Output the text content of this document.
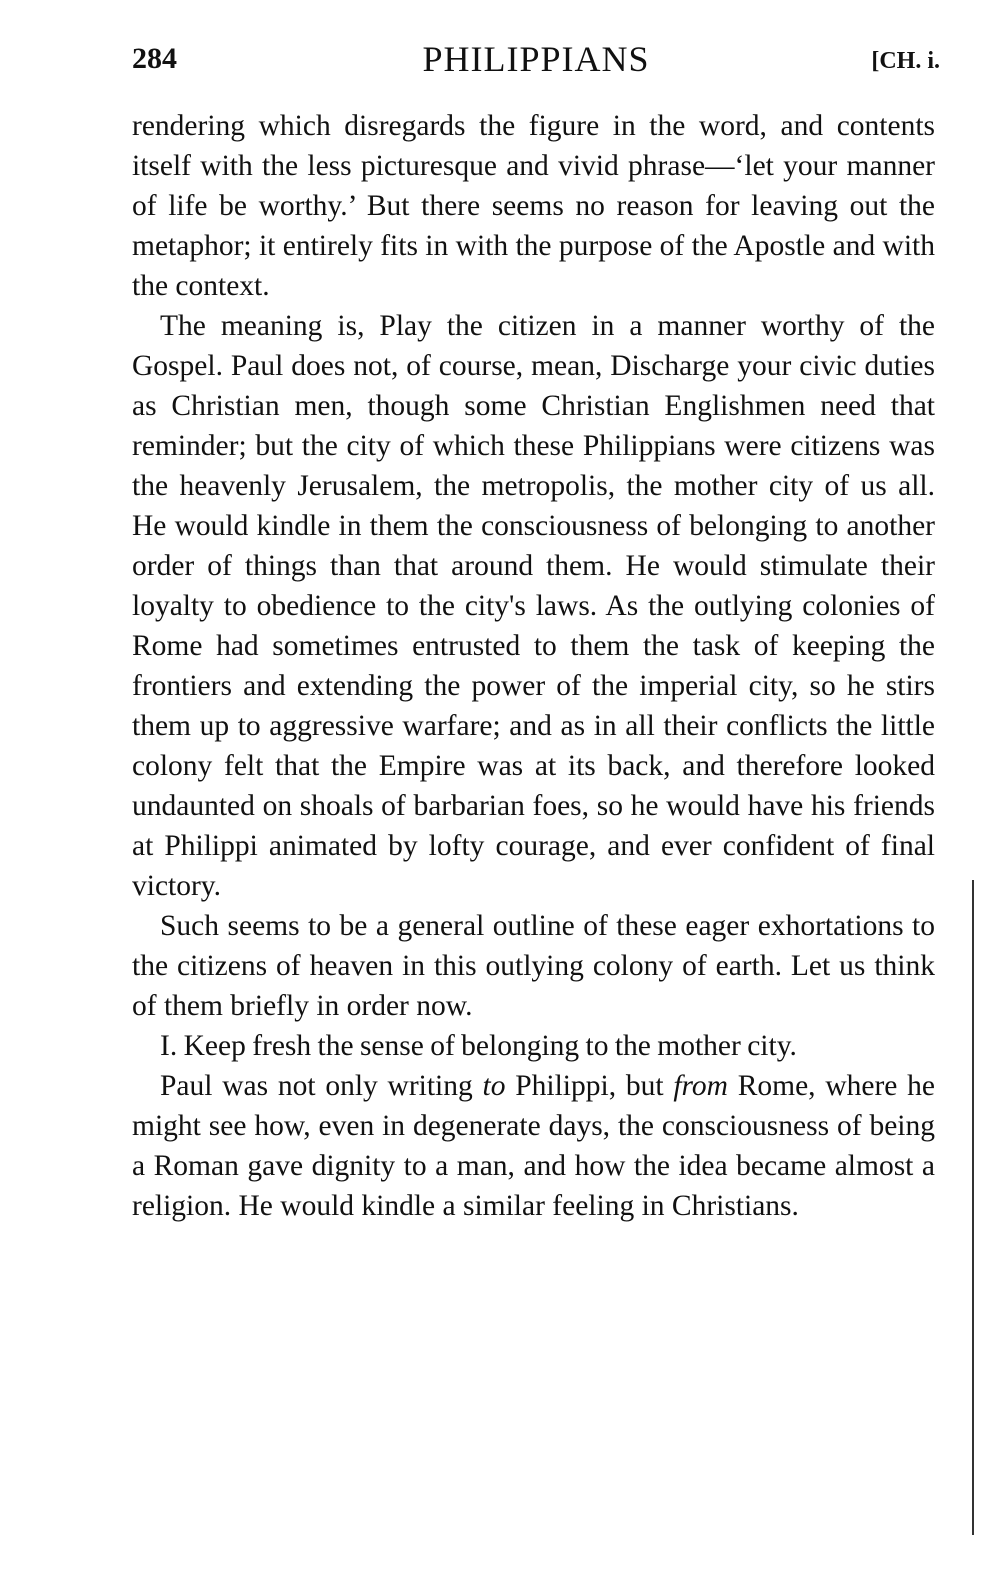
284	PHILIPPIANS	[CH. i.

rendering which disregards the figure in the word, and contents itself with the less picturesque and vivid phrase—‘let your manner of life be worthy.’ But there seems no reason for leaving out the metaphor; it entirely fits in with the purpose of the Apostle and with the context.

The meaning is, Play the citizen in a manner worthy of the Gospel. Paul does not, of course, mean, Discharge your civic duties as Christian men, though some Christian Englishmen need that reminder; but the city of which these Philippians were citizens was the heavenly Jerusalem, the metropolis, the mother city of us all. He would kindle in them the consciousness of belonging to another order of things than that around them. He would stimulate their loyalty to obedience to the city's laws. As the outlying colonies of Rome had sometimes entrusted to them the task of keeping the frontiers and extending the power of the imperial city, so he stirs them up to aggressive warfare; and as in all their conflicts the little colony felt that the Empire was at its back, and therefore looked undaunted on shoals of barbarian foes, so he would have his friends at Philippi animated by lofty courage, and ever confident of final victory.

Such seems to be a general outline of these eager exhortations to the citizens of heaven in this outlying colony of earth. Let us think of them briefly in order now.

I. Keep fresh the sense of belonging to the mother city.

Paul was not only writing to Philippi, but from Rome, where he might see how, even in degenerate days, the consciousness of being a Roman gave dignity to a man, and how the idea became almost a religion. He would kindle a similar feeling in Christians.
